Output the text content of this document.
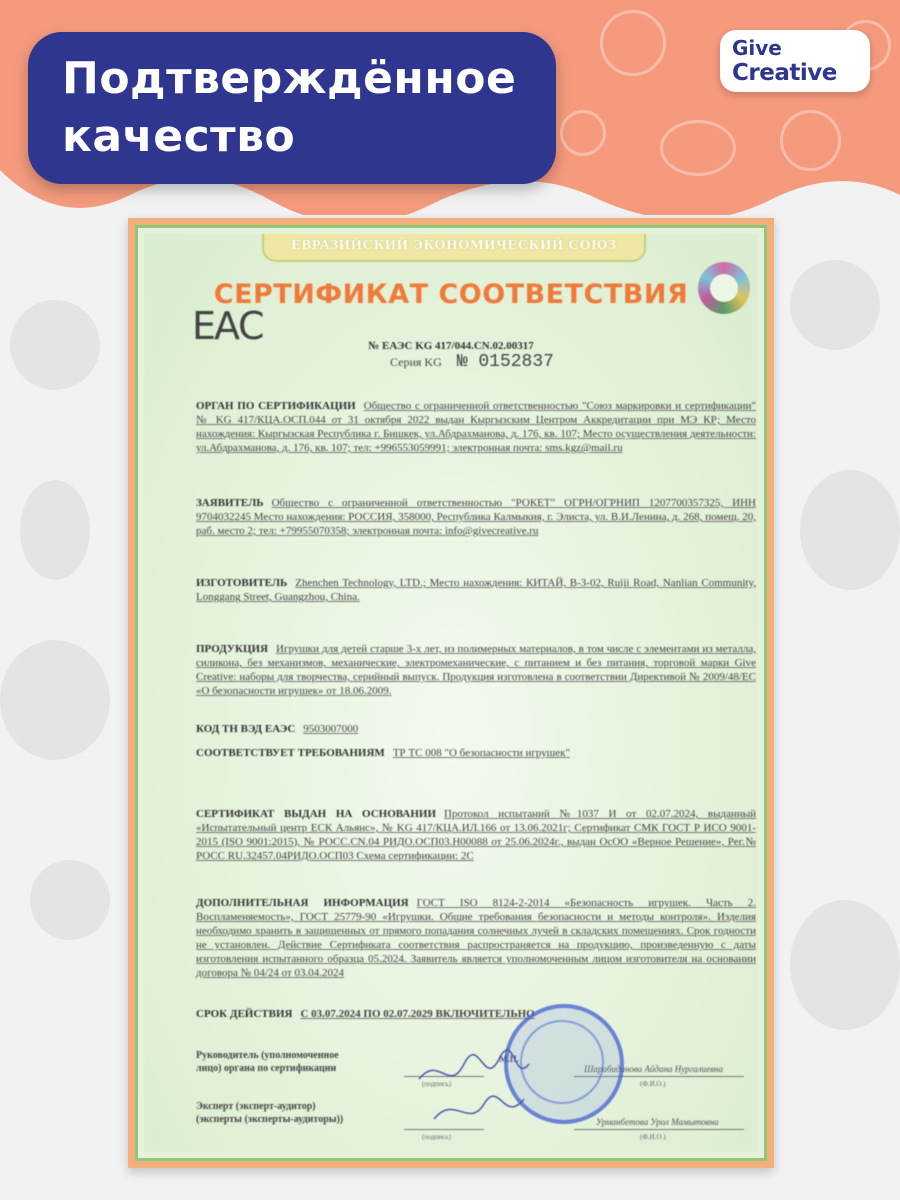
Подтверждённое
качество
Give
Creative
ЕВРАЗИЙСКИЙ ЭКОНОМИЧЕСКИЙ СОЮЗ
ЕАС
СЕРТИФИКАТ СООТВЕТСТВИЯ
№ ЕАЭС KG 417/044.CN.02.00317
Серия KG № 0152837
ОРГАН ПО СЕРТИФИКАЦИИ Общество с ограниченной ответственностью "Союз маркировки и сертификации" № KG 417/КЦА.ОСП.044 от 31 октября 2022 выдан Кыргызским Центром Аккредитации при МЭ КР; Место нахождения: Кыргызская Республика г. Бишкек, ул.Абдрахманова, д. 176, кв. 107; Место осуществления деятельности: ул.Абдрахманова, д. 176, кв. 107; тел: +996553059991; электронная почта: sms.kgz@mail.ru
ЗАЯВИТЕЛЬ Общество с ограниченной ответственностью "РОКЕТ" ОГРН/ОГРНИП 1207700357325, ИНН 9704032245 Место нахождения: РОССИЯ, 358000, Республика Калмыкия, г. Элиста, ул. В.И.Ленина, д. 268, помещ. 20, раб. место 2; тел: +79955070358; электронная почта: info@givecreative.ru
ИЗГОТОВИТЕЛЬ Zhenchen Technology, LTD.; Место нахождения: КИТАЙ, В-3-02, Ruiji Road, Nanlian Community, Longgang Street, Guangzhou, China.
ПРОДУКЦИЯ Игрушки для детей старше 3-х лет, из полимерных материалов, в том числе с элементами из металла, силикона, без механизмов, механические, электромеханические, с питанием и без питания, торговой марки Give Creative: наборы для творчества, серийный выпуск. Продукция изготовлена в соответствии Директивой № 2009/48/ЕС «О безопасности игрушек» от 18.06.2009.
КОД ТН ВЭД ЕАЭС 9503007000
СООТВЕТСТВУЕТ ТРЕБОВАНИЯМ ТР ТС 008 "О безопасности игрушек"
СЕРТИФИКАТ ВЫДАН НА ОСНОВАНИИ Протокол испытаний №1037 И от 02.07.2024, выданный «Испытательный центр ЕСК Альянс», № KG 417/КЦА.ИЛ.166 от 13.06.2021г; Сертификат СМК ГОСТ Р ИСО 9001-2015 (ISO 9001:2015), № РОСС.CN.04 РИДО.ОСП03.Н00088 от 25.06.2024г., выдан ОсОО «Верное Решение», Рег.№ РОСС RU.32457.04РИДО.ОСП03 Схема сертификации: 2С
ДОПОЛНИТЕЛЬНАЯ ИНФОРМАЦИЯ ГОСТ ISO 8124-2-2014 «Безопасность игрушек. Часть 2. Воспламеняемость», ГОСТ 25779-90 «Игрушки. Общие требования безопасности и методы контроля». Изделия необходимо хранить в защищенных от прямого попадания солнечных лучей в складских помещениях. Срок годности не установлен. Действие Сертификата соответствия распространяется на продукцию, произведенную с даты изготовления испытанного образца 05.2024. Заявитель является уполномоченным лицом изготовителя на основании договора № 04/24 от 03.04.2024
СРОК ДЕЙСТВИЯ С 03.07.2024 ПО 02.07.2029 ВКЛЮЧИТЕЛЬНО
Руководитель (уполномоченное
лицо) органа по сертификации
(подпись)
Шарабидинова Айдана Нургалиевна
(Ф.И.О.)
М.П.
Эксперт (эксперт-аудитор)
(эксперты (эксперты-аудиторы))
(подпись)
Урманбетова Урол Мамытовна
(Ф.И.О.)
